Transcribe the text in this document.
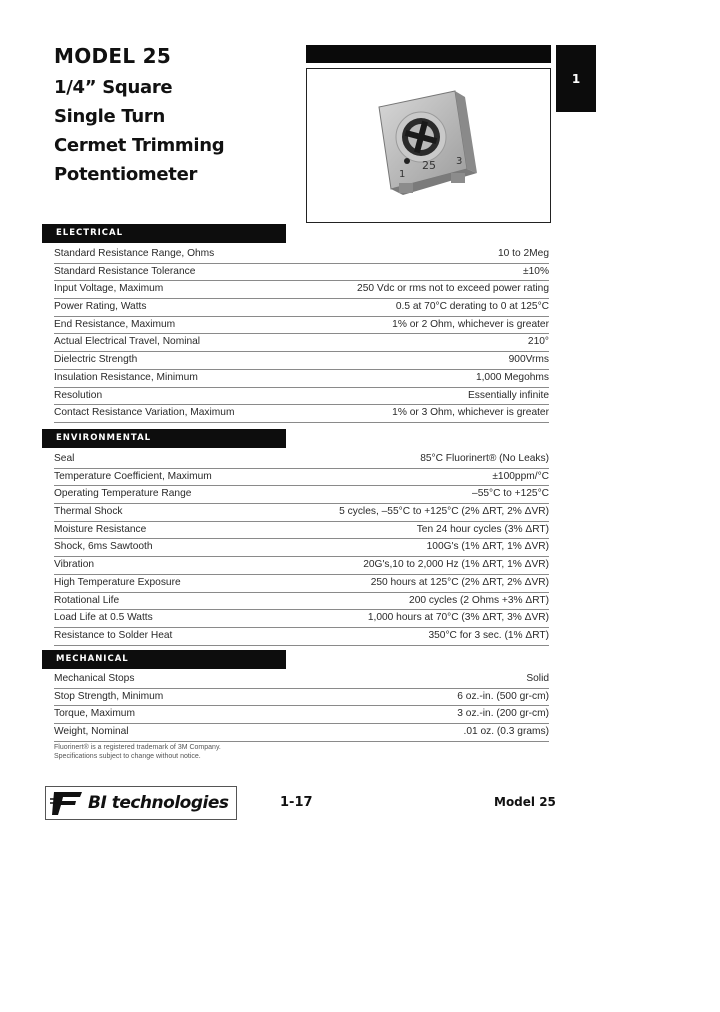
MODEL 25
1/4” Square
Single Turn
Cermet Trimming
Potentiometer	25
1
3
1
ELECTRICAL
Standard Resistance Range, Ohms	10 to 2Meg
Standard Resistance Tolerance	±10%
Input Voltage, Maximum	250 Vdc or rms not to exceed power rating
Power Rating, Watts	0.5 at 70°C derating to 0 at 125°C
End Resistance, Maximum	1% or 2 Ohm, whichever is greater
Actual Electrical Travel, Nominal	210°
Dielectric Strength	900Vrms
Insulation Resistance, Minimum	1,000 Megohms
Resolution	Essentially infinite
Contact Resistance Variation, Maximum	1% or 3 Ohm, whichever is greater
ENVIRONMENTAL
Seal	85°C Fluorinert® (No Leaks)
Temperature Coefficient, Maximum	±100ppm/°C
Operating Temperature Range	–55°C to +125°C
Thermal Shock	5 cycles, –55°C to +125°C (2% ΔRT, 2% ΔVR)
Moisture Resistance	Ten 24 hour cycles (3% ΔRT)
Shock, 6ms Sawtooth	100G's (1% ΔRT, 1% ΔVR)
Vibration	20G's,10 to 2,000 Hz (1% ΔRT, 1% ΔVR)
High Temperature Exposure	250 hours at 125°C (2% ΔRT, 2% ΔVR)
Rotational Life	200 cycles (2 Ohms +3% ΔRT)
Load Life at 0.5 Watts	1,000 hours at 70°C (3% ΔRT, 3% ΔVR)
Resistance to Solder Heat	350°C for 3 sec. (1% ΔRT)
MECHANICAL
Mechanical Stops	Solid
Stop Strength, Minimum	6 oz.-in. (500 gr-cm)
Torque, Maximum	3 oz.-in. (200 gr-cm)
Weight, Nominal	.01 oz. (0.3 grams)
Fluorinert® is a registered trademark of 3M Company.
Specifications subject to change without notice.
BI technologies	1-17	Model 25
